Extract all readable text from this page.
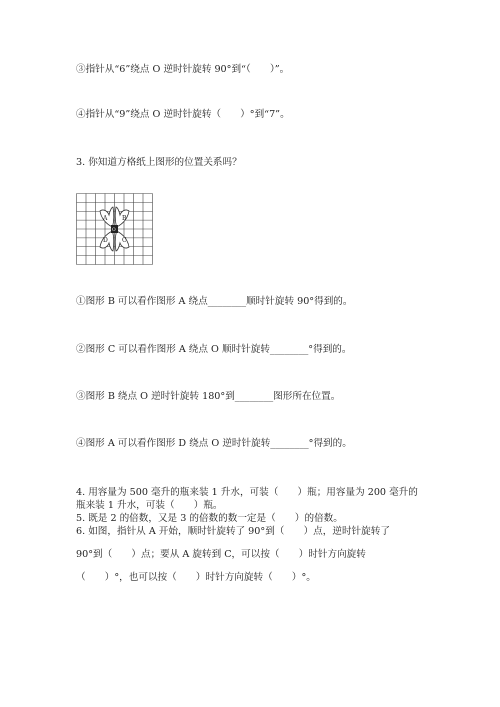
③指针从“6”绕点 O 逆时针旋转 90°到“（　　）”。
④指针从“9”绕点 O 逆时针旋转（　　）°到“7”。
3. 你知道方格纸上图形的位置关系吗？
A B
C
D
O
①图形 B 可以看作图形 A 绕点________顺时针旋转 90°得到的。
②图形 C 可以看作图形 A 绕点 O 顺时针旋转________°得到的。
③图形 B 绕点 O 逆时针旋转 180°到________图形所在位置。
④图形 A 可以看作图形 D 绕点 O 逆时针旋转________°得到的。
4. 用容量为 500 毫升的瓶来装 1 升水，可装（　　）瓶；用容量为 200 毫升的
瓶来装 1 升水，可装（　　）瓶。
5. 既是 2 的倍数，又是 3 的倍数的数一定是（　　）的倍数。
6. 如图，指针从 A 开始，顺时针旋转了 90°到（　　）点，逆时针旋转了
90°到（　　）点；要从 A 旋转到 C，可以按（　　）时针方向旋转
（　　）°，也可以按（　　）时针方向旋转（　　）°。
